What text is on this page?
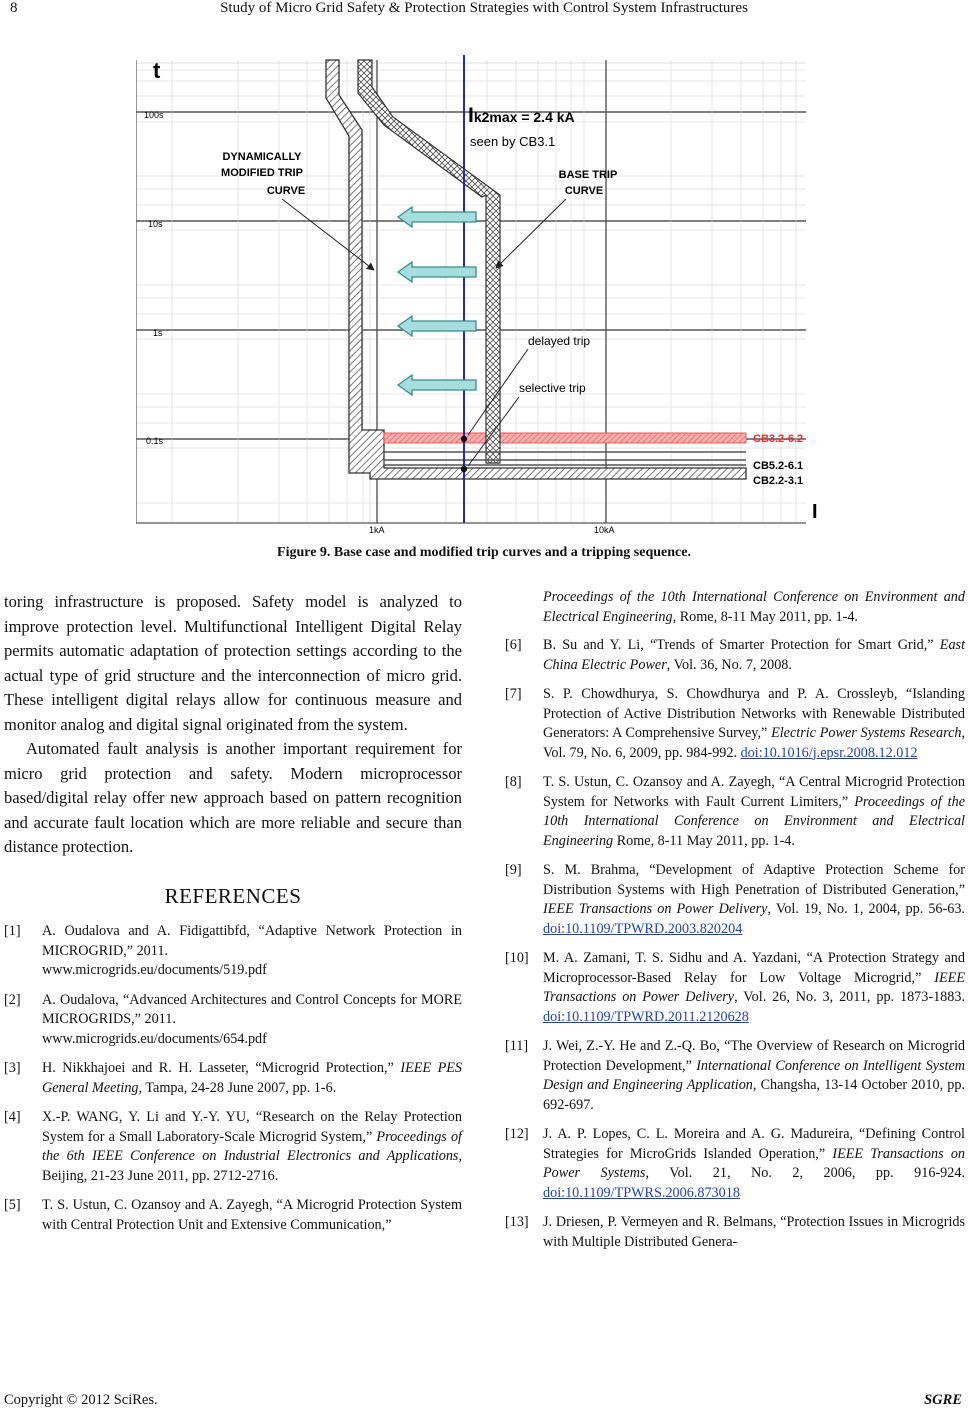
8	Study of Micro Grid Safety & Protection Strategies with Control System Infrastructures
t
I
100s
10s
1s
0.1s
1kA	10kA
Ik2max = 2.4 kA
seen by CB3.1
DYNAMICALLY
MODIFIED TRIP
CURVE
BASE TRIP
CURVE
delayed trip
selective trip
CB3.2-6.2
CB5.2-6.1
CB2.2-3.1
Figure 9. Base case and modified trip curves and a tripping sequence.

toring infrastructure is proposed. Safety model is analyzed to improve protection level. Multifunctional Intelligent Digital Relay permits automatic adaptation of protection settings according to the actual type of grid structure and the interconnection of micro grid. These intelligent digital relays allow for continuous measure and monitor analog and digital signal originated from the system.

Automated fault analysis is another important requirement for micro grid protection and safety. Modern microprocessor based/digital relay offer new approach based on pattern recognition and accurate fault location which are more reliable and secure than distance protection.

REFERENCES
[1] A. Oudalova and A. Fidigattibfd, “Adaptive Network Protection in MICROGRID,” 2011.
www.microgrids.eu/documents/519.pdf
[2] A. Oudalova, “Advanced Architectures and Control Concepts for MORE MICROGRIDS,” 2011.
www.microgrids.eu/documents/654.pdf
[3] H. Nikkhajoei and R. H. Lasseter, “Microgrid Protection,” IEEE PES General Meeting, Tampa, 24-28 June 2007, pp. 1-6.
[4] X.-P. WANG, Y. Li and Y.-Y. YU, “Research on the Relay Protection System for a Small Laboratory-Scale Microgrid System,” Proceedings of the 6th IEEE Conference on Industrial Electronics and Applications, Beijing, 21-23 June 2011, pp. 2712-2716.
[5] T. S. Ustun, C. Ozansoy and A. Zayegh, “A Microgrid Protection System with Central Protection Unit and Extensive Communication,”
Proceedings of the 10th International Conference on Environment and Electrical Engineering, Rome, 8-11 May 2011, pp. 1-4.
[6] B. Su and Y. Li, “Trends of Smarter Protection for Smart Grid,” East China Electric Power, Vol. 36, No. 7, 2008.
[7] S. P. Chowdhurya, S. Chowdhurya and P. A. Crossleyb, “Islanding Protection of Active Distribution Networks with Renewable Distributed Generators: A Comprehensive Survey,” Electric Power Systems Research, Vol. 79, No. 6, 2009, pp. 984-992. doi:10.1016/j.epsr.2008.12.012
[8] T. S. Ustun, C. Ozansoy and A. Zayegh, “A Central Microgrid Protection System for Networks with Fault Current Limiters,” Proceedings of the 10th International Conference on Environment and Electrical Engineering Rome, 8-11 May 2011, pp. 1-4.
[9] S. M. Brahma, “Development of Adaptive Protection Scheme for Distribution Systems with High Penetration of Distributed Generation,” IEEE Transactions on Power Delivery, Vol. 19, No. 1, 2004, pp. 56-63. doi:10.1109/TPWRD.2003.820204
[10] M. A. Zamani, T. S. Sidhu and A. Yazdani, “A Protection Strategy and Microprocessor-Based Relay for Low Voltage Microgrid,” IEEE Transactions on Power Delivery, Vol. 26, No. 3, 2011, pp. 1873-1883. doi:10.1109/TPWRD.2011.2120628
[11] J. Wei, Z.-Y. He and Z.-Q. Bo, “The Overview of Research on Microgrid Protection Development,” International Conference on Intelligent System Design and Engineering Application, Changsha, 13-14 October 2010, pp. 692-697.
[12] J. A. P. Lopes, C. L. Moreira and A. G. Madureira, “Defining Control Strategies for MicroGrids Islanded Operation,” IEEE Transactions on Power Systems, Vol. 21, No. 2, 2006, pp. 916-924. doi:10.1109/TPWRS.2006.873018
[13] J. Driesen, P. Vermeyen and R. Belmans, “Protection Issues in Microgrids with Multiple Distributed Genera-
Copyright © 2012 SciRes.	SGRE
